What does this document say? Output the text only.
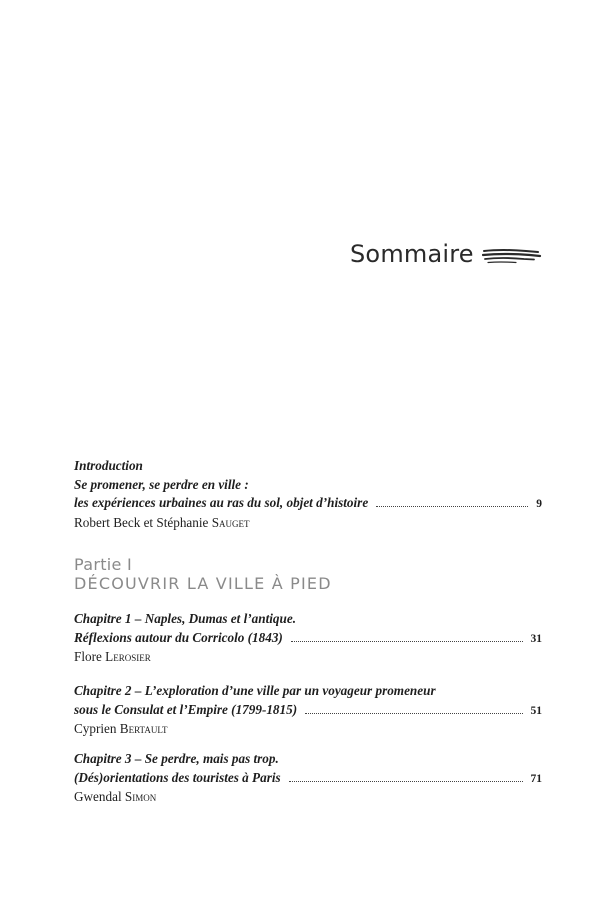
Sommaire
Introduction
Se promener, se perdre en ville :
les expériences urbaines au ras du sol, objet d’histoire	9
Robert Beck et Stéphanie Sauget
Partie I
DÉCOUVRIR LA VILLE À PIED
Chapitre 1 – Naples, Dumas et l’antique.
Réflexions autour du Corricolo (1843)	31
Flore Lerosier
Chapitre 2 – L’exploration d’une ville par un voyageur promeneur
sous le Consulat et l’Empire (1799-1815)	51
Cyprien Bertault
Chapitre 3 – Se perdre, mais pas trop.
(Dés)orientations des touristes à Paris	71
Gwendal Simon
